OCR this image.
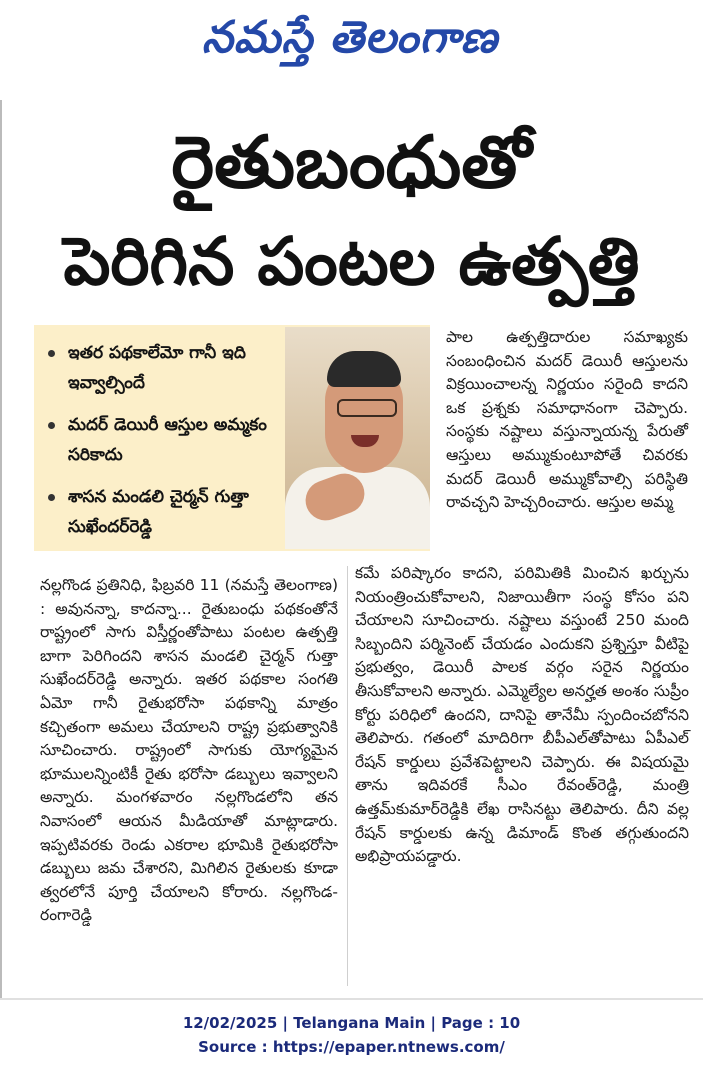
నమస్తే తెలంగాణ
రైతుబంధుతో
పెరిగిన పంటల ఉత్పత్తి
ఇతర పథకాలేమో గానీ ఇది ఇవ్వాల్సిందే
మదర్ డెయిరీ ఆస్తుల అమ్మకం సరికాదు
శాసన మండలి చైర్మన్ గుత్తా సుఖేందర్‌రెడ్డి

పాల ఉత్పత్తిదారుల సమాఖ్యకు సంబంధించిన మదర్ డెయిరీ ఆస్తులను విక్రయించాలన్న నిర్ణయం సరైంది కాదని ఒక ప్రశ్నకు సమాధానంగా చెప్పారు. సంస్థకు నష్టాలు వస్తున్నాయన్న పేరుతో ఆస్తులు అమ్ముకుంటూపోతే చివరకు మదర్ డెయిరీ అమ్ముకోవాల్సి పరిస్థితి రావచ్చని హెచ్చరించారు. ఆస్తుల అమ్మ

నల్లగొండ ప్రతినిధి, ఫిబ్రవరి 11 (నమస్తే తెలంగాణ) : అవునన్నా, కాదన్నా... రైతుబంధు పథకంతోనే రాష్ట్రంలో సాగు విస్తీర్ణంతోపాటు పంటల ఉత్పత్తి బాగా పెరిగిందని శాసన మండలి చైర్మన్ గుత్తా సుఖేందర్‌రెడ్డి అన్నారు. ఇతర పథకాల సంగతి ఏమో గానీ రైతుభరోసా పథకాన్ని మాత్రం కచ్చితంగా అమలు చేయాలని రాష్ట్ర ప్రభుత్వానికి సూచించారు. రాష్ట్రంలో సాగుకు యోగ్యమైన భూములన్నింటికీ రైతు భరోసా డబ్బులు ఇవ్వాలని అన్నారు. మంగళవారం నల్లగొండలోని తన నివాసంలో ఆయన మీడియాతో మాట్లాడారు. ఇప్పటివరకు రెండు ఎకరాల భూమికి రైతుభరోసా డబ్బులు జమ చేశారని, మిగిలిన రైతులకు కూడా త్వరలోనే పూర్తి చేయాలని కోరారు. నల్లగొండ-రంగారెడ్డి

కమే పరిష్కారం కాదని, పరిమితికి మించిన ఖర్చును నియంత్రించుకోవాలని, నిజాయితీగా సంస్థ కోసం పని చేయాలని సూచించారు. నష్టాలు వస్తుంటే 250 మంది సిబ్బందిని పర్మినెంట్ చేయడం ఎందుకని ప్రశ్నిస్తూ వీటిపై ప్రభుత్వం, డెయిరీ పాలక వర్గం సరైన నిర్ణయం తీసుకోవాలని అన్నారు. ఎమ్మెల్యేల అనర్హత అంశం సుప్రీం కోర్టు పరిధిలో ఉందని, దానిపై తానేమీ స్పందించబోనని తెలిపారు. గతంలో మాదిరిగా బీపీఎల్‌తోపాటు ఏపీఎల్ రేషన్ కార్డులు ప్రవేశపెట్టాలని చెప్పారు. ఈ విషయమై తాను ఇదివరకే సీఎం రేవంత్‌రెడ్డి, మంత్రి ఉత్తమ్‌కుమార్‌రెడ్డికి లేఖ రాసినట్టు తెలిపారు. దీని వల్ల రేషన్ కార్డులకు ఉన్న డిమాండ్ కొంత తగ్గుతుందని అభిప్రాయపడ్డారు.

12/02/2025 | Telangana Main | Page : 10
Source : https://epaper.ntnews.com/
